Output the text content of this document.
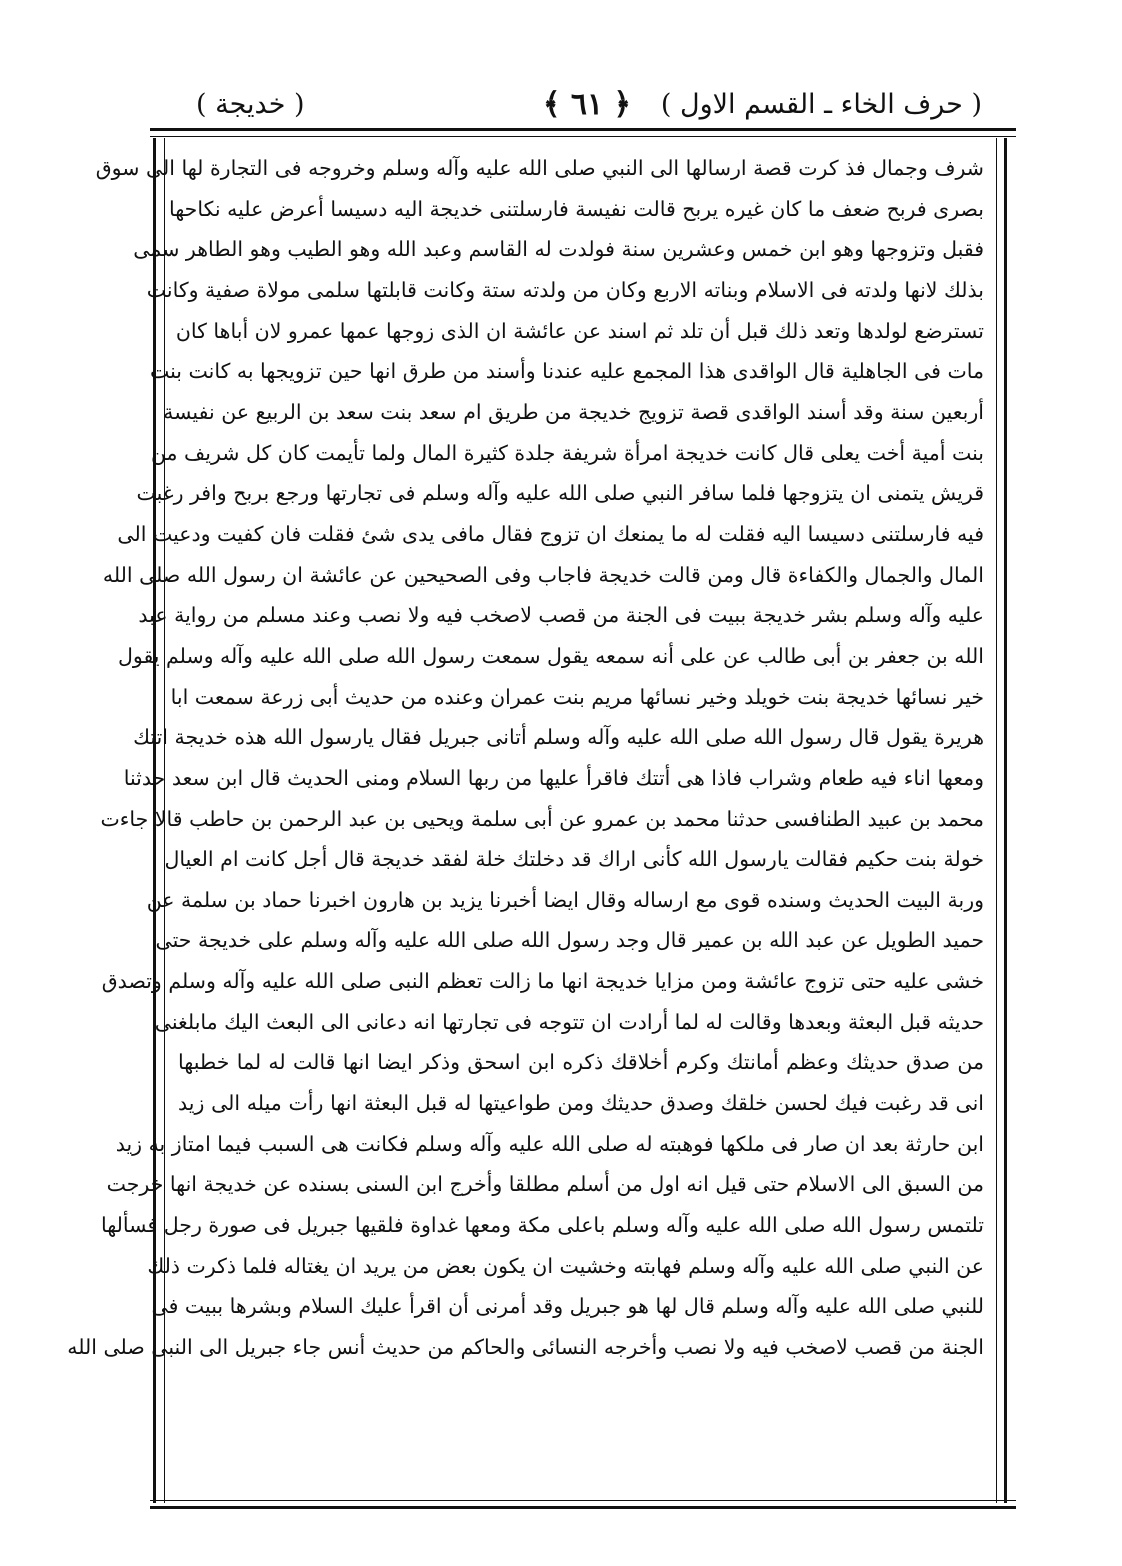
( حرف الخاء ـ القسم الاول )
﴿ ٦١ ﴾
( خديجة )
شرف وجمال فذ كرت قصة ارسالها الى النبي صلى الله عليه وآله وسلم وخروجه فى التجارة لها الى سوق
بصرى فربح ضعف ما كان غيره يربح قالت نفيسة فارسلتنى خديجة اليه دسيسا أعرض عليه نكاحها
فقبل وتزوجها وهو ابن خمس وعشرين سنة فولدت له القاسم وعبد الله وهو الطيب وهو الطاهر سمى
بذلك لانها ولدته فى الاسلام وبناته الاربع وكان من ولدته ستة وكانت قابلتها سلمى مولاة صفية وكانت
تسترضع لولدها وتعد ذلك قبل أن تلد ثم اسند عن عائشة ان الذى زوجها عمها عمرو لان أباها كان
مات فى الجاهلية قال الواقدى هذا المجمع عليه عندنا وأسند من طرق انها حين تزويجها به كانت بنت
أربعين سنة وقد أسند الواقدى قصة تزويج خديجة من طريق ام سعد بنت سعد بن الربيع عن نفيسة
بنت أمية أخت يعلى قال كانت خديجة امرأة شريفة جلدة كثيرة المال ولما تأيمت كان كل شريف من
قريش يتمنى ان يتزوجها فلما سافر النبي صلى الله عليه وآله وسلم فى تجارتها ورجع بربح وافر رغبت
فيه فارسلتنى دسيسا اليه فقلت له ما يمنعك ان تزوج فقال مافى يدى شئ فقلت فان كفيت ودعيت الى
المال والجمال والكفاءة قال ومن قالت خديجة فاجاب وفى الصحيحين عن عائشة ان رسول الله صلى الله
عليه وآله وسلم بشر خديجة ببيت فى الجنة من قصب لاصخب فيه ولا نصب وعند مسلم من رواية عبد
الله بن جعفر بن أبى طالب عن على أنه سمعه يقول سمعت رسول الله صلى الله عليه وآله وسلم يقول
خير نسائها خديجة بنت خويلد وخير نسائها مريم بنت عمران وعنده من حديث أبى زرعة سمعت ابا
هريرة يقول قال رسول الله صلى الله عليه وآله وسلم أتانى جبريل فقال يارسول الله هذه خديجة اتتك
ومعها اناء فيه طعام وشراب فاذا هى أتتك فاقرأ عليها من ربها السلام ومنى الحديث قال ابن سعد حدثنا
محمد بن عبيد الطنافسى حدثنا محمد بن عمرو عن أبى سلمة ويحيى بن عبد الرحمن بن حاطب قالا جاءت
خولة بنت حكيم فقالت يارسول الله كأنى اراك قد دخلتك خلة لفقد خديجة قال أجل كانت ام العيال
وربة البيت الحديث وسنده قوى مع ارساله وقال ايضا أخبرنا يزيد بن هارون اخبرنا حماد بن سلمة عن
حميد الطويل عن عبد الله بن عمير قال وجد رسول الله صلى الله عليه وآله وسلم على خديجة حتى
خشى عليه حتى تزوج عائشة ومن مزايا خديجة انها ما زالت تعظم النبى صلى الله عليه وآله وسلم وتصدق
حديثه قبل البعثة وبعدها وقالت له لما أرادت ان تتوجه فى تجارتها انه دعانى الى البعث اليك مابلغنى
من صدق حديثك وعظم أمانتك وكرم أخلاقك ذكره ابن اسحق وذكر ايضا انها قالت له لما خطبها
انى قد رغبت فيك لحسن خلقك وصدق حديثك ومن طواعيتها له قبل البعثة انها رأت ميله الى زيد
ابن حارثة بعد ان صار فى ملكها فوهبته له صلى الله عليه وآله وسلم فكانت هى السبب فيما امتاز به زيد
من السبق الى الاسلام حتى قيل انه اول من أسلم مطلقا وأخرج ابن السنى بسنده عن خديجة انها خرجت
تلتمس رسول الله صلى الله عليه وآله وسلم باعلى مكة ومعها غداوة فلقيها جبريل فى صورة رجل فسألها
عن النبي صلى الله عليه وآله وسلم فهابته وخشيت ان يكون بعض من يريد ان يغتاله فلما ذكرت ذلك
للنبي صلى الله عليه وآله وسلم قال لها هو جبريل وقد أمرنى أن اقرأ عليك السلام وبشرها ببيت فى
الجنة من قصب لاصخب فيه ولا نصب وأخرجه النسائى والحاكم من حديث أنس جاء جبريل الى النبى صلى الله
